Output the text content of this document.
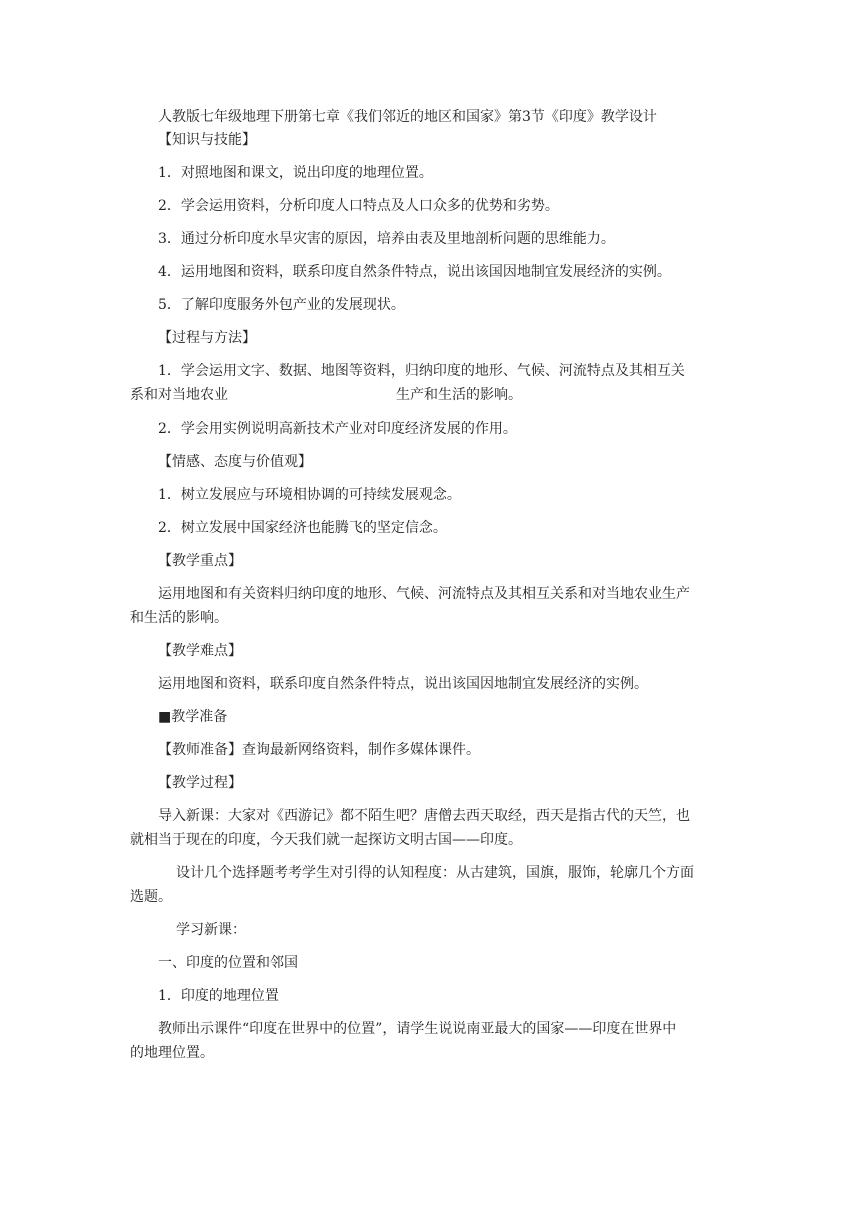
人教版七年级地理下册第七章《我们邻近的地区和国家》第3节《印度》教学设计
【知识与技能】
1．对照地图和课文，说出印度的地理位置。
2．学会运用资料，分析印度人口特点及人口众多的优势和劣势。
3．通过分析印度水旱灾害的原因，培养由表及里地剖析问题的思维能力。
4．运用地图和资料，联系印度自然条件特点，说出该国因地制宜发展经济的实例。
5．了解印度服务外包产业的发展现状。
【过程与方法】
1．学会运用文字、数据、地图等资料，归纳印度的地形、气候、河流特点及其相互关
系和对当地农业	生产和生活的影响。
2．学会用实例说明高新技术产业对印度经济发展的作用。
【情感、态度与价值观】
1．树立发展应与环境相协调的可持续发展观念。
2．树立发展中国家经济也能腾飞的坚定信念。
【教学重点】
运用地图和有关资料归纳印度的地形、气候、河流特点及其相互关系和对当地农业生产
和生活的影响。
【教学难点】
运用地图和资料，联系印度自然条件特点，说出该国因地制宜发展经济的实例。
■教学准备
【教师准备】查询最新网络资料，制作多媒体课件。
【教学过程】
导入新课：大家对《西游记》都不陌生吧？唐僧去西天取经，西天是指古代的天竺，也
就相当于现在的印度，今天我们就一起探访文明古国——印度。
设计几个选择题考考学生对引得的认知程度：从古建筑，国旗，服饰，轮廓几个方面
选题。
学习新课：
一、印度的位置和邻国
1．印度的地理位置
教师出示课件“印度在世界中的位置”，请学生说说南亚最大的国家——印度在世界中
的地理位置。
